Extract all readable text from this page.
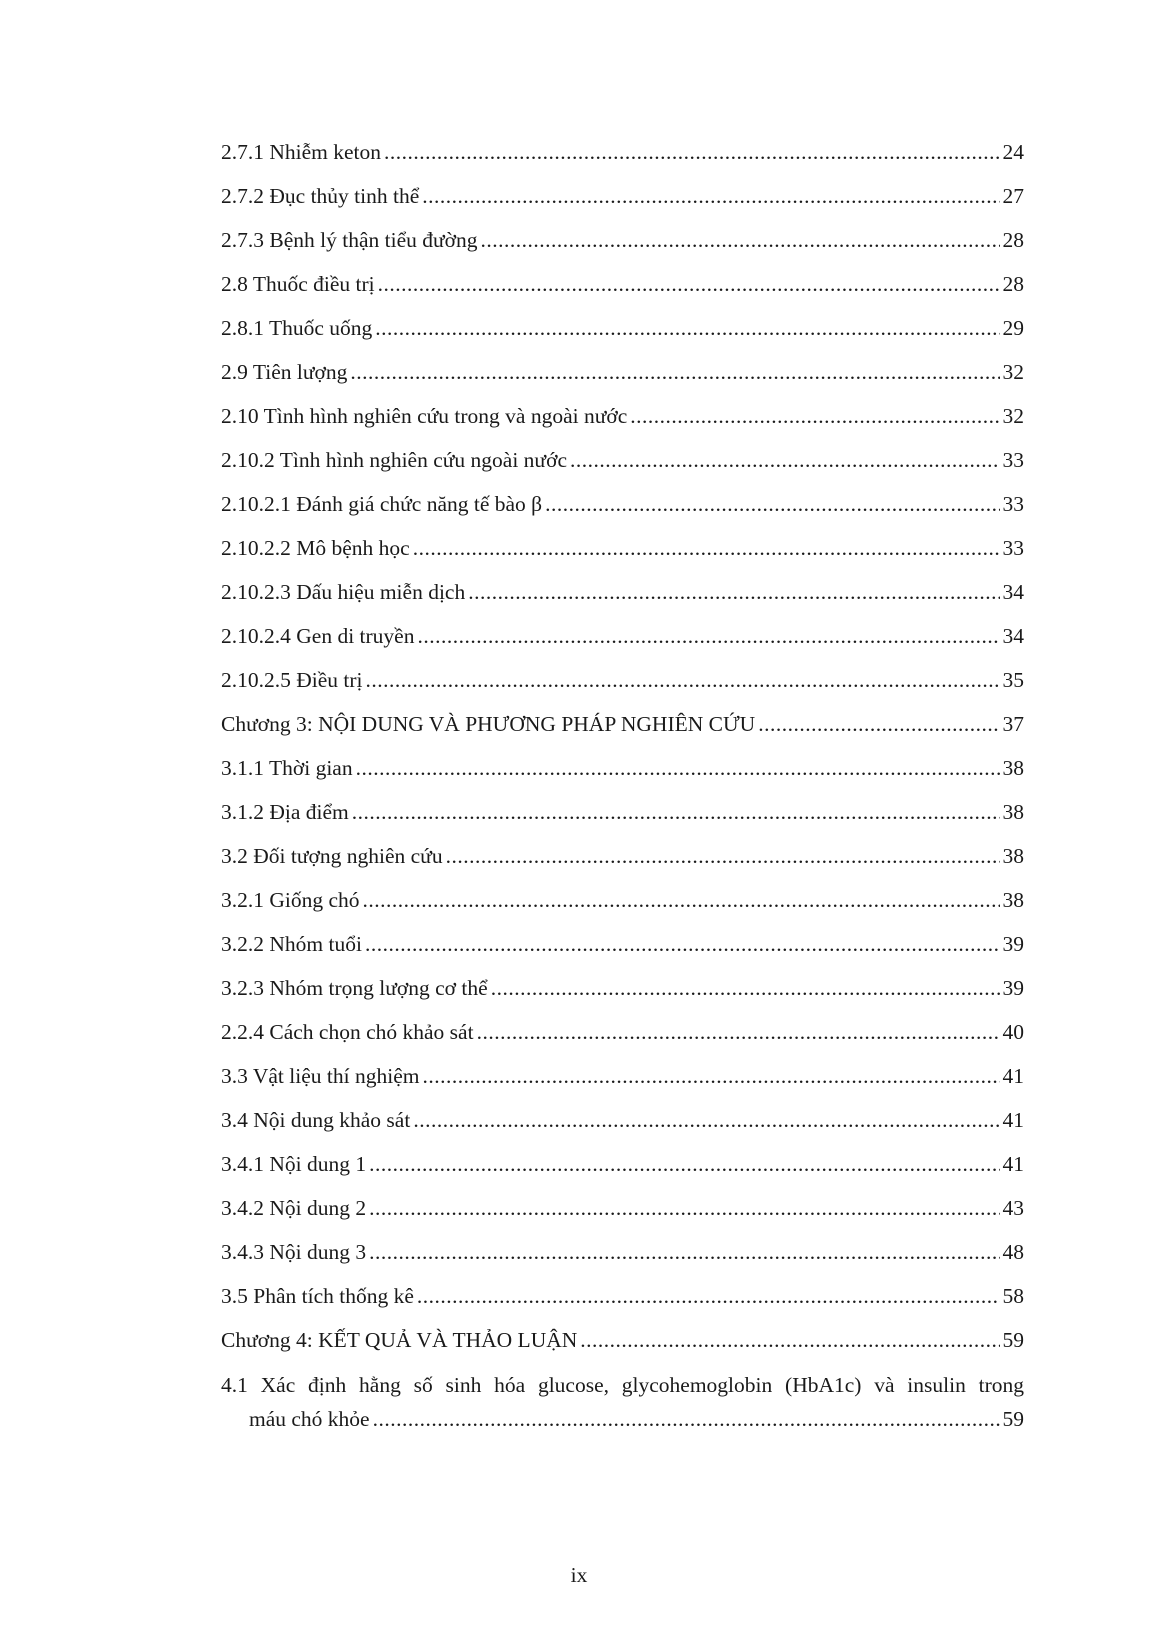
2.7.1 Nhiễm keton .....	24
2.7.2 Đục thủy tinh thể .....	27
2.7.3 Bệnh lý thận tiểu đường .....	28
2.8 Thuốc điều trị .....	28
2.8.1 Thuốc uống .....	29
2.9 Tiên lượng .....	32
2.10 Tình hình nghiên cứu trong và ngoài nước .....	32
2.10.2 Tình hình nghiên cứu ngoài nước .....	33
2.10.2.1 Đánh giá chức năng tế bào β .....	33
2.10.2.2 Mô bệnh học .....	33
2.10.2.3 Dấu hiệu miễn dịch .....	34
2.10.2.4 Gen di truyền .....	34
2.10.2.5 Điều trị .....	35
Chương 3: NỘI DUNG VÀ PHƯƠNG PHÁP NGHIÊN CỨU .....	37
3.1.1 Thời gian .....	38
3.1.2 Địa điểm .....	38
3.2 Đối tượng nghiên cứu .....	38
3.2.1 Giống chó .....	38
3.2.2 Nhóm tuổi .....	39
3.2.3 Nhóm trọng lượng cơ thể .....	39
2.2.4 Cách chọn chó khảo sát .....	40
3.3 Vật liệu thí nghiệm .....	41
3.4 Nội dung khảo sát .....	41
3.4.1 Nội dung 1 .....	41
3.4.2 Nội dung 2 .....	43
3.4.3 Nội dung 3 .....	48
3.5 Phân tích thống kê .....	58
Chương 4: KẾT QUẢ VÀ THẢO LUẬN .....	59
4.1 Xác định hằng số sinh hóa glucose, glycohemoglobin (HbA1c) và insulin trong
máu chó khỏe .....	59
ix
